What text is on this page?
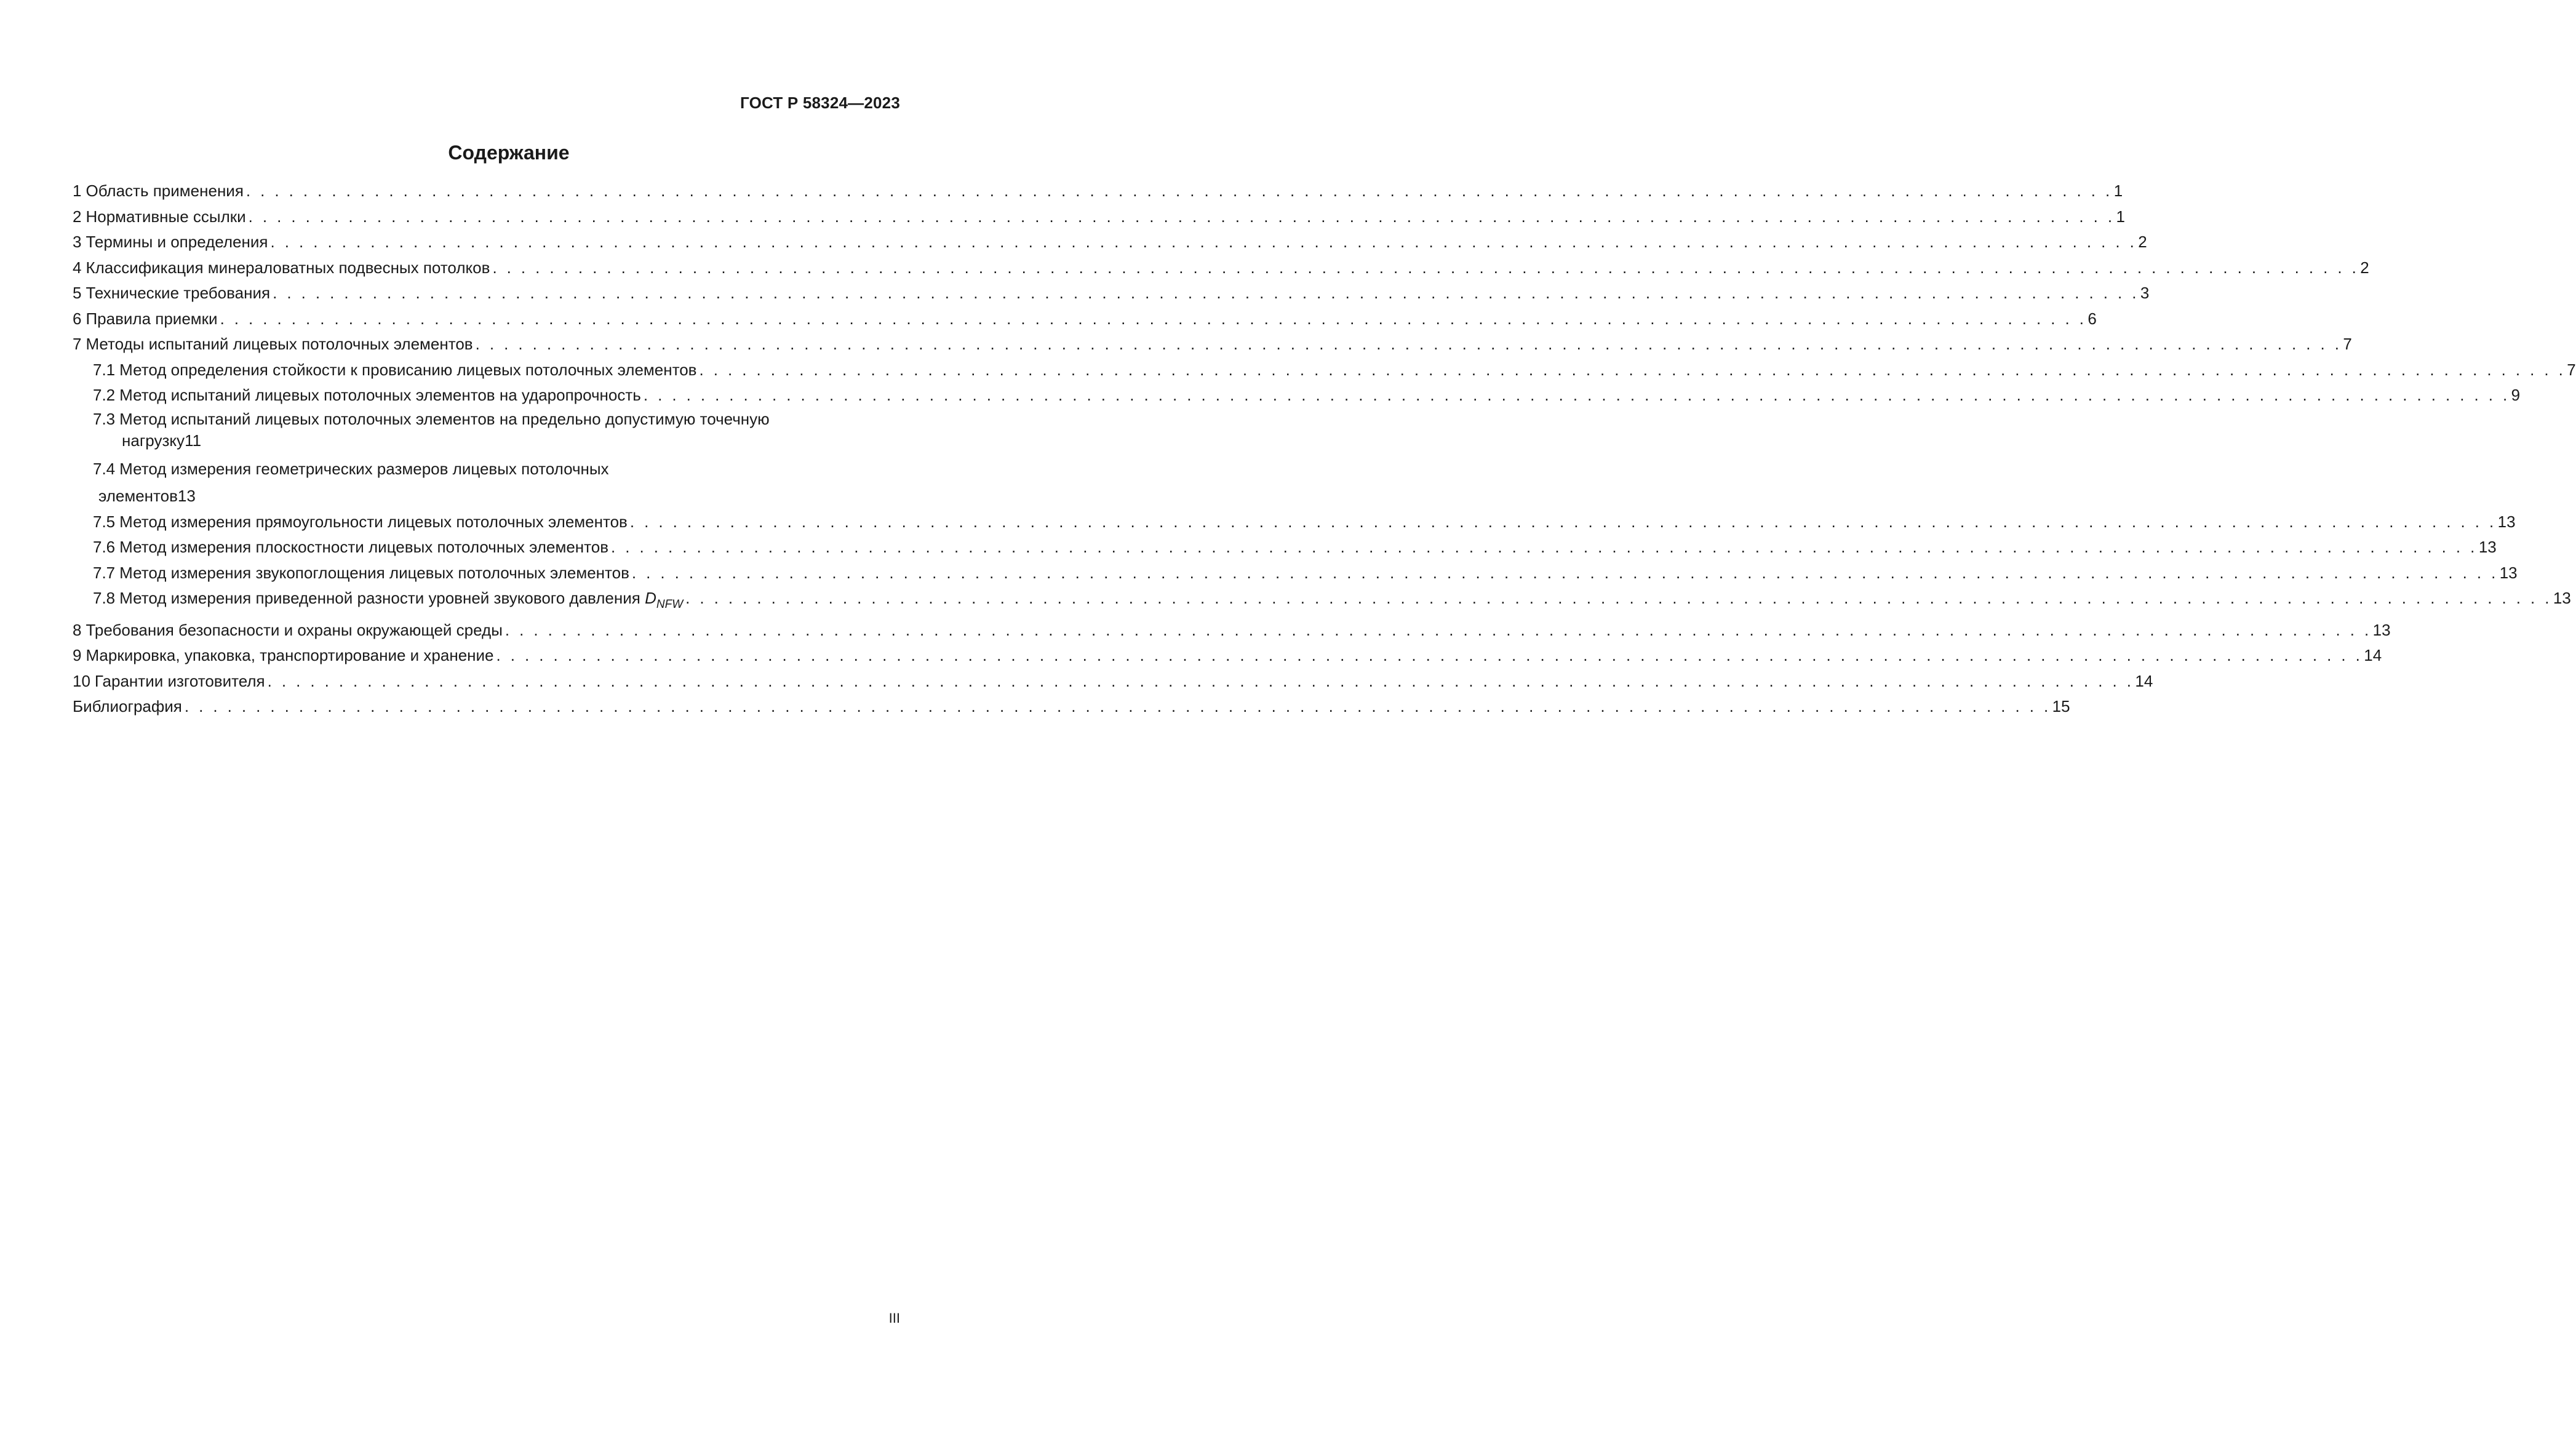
ГОСТ Р 58324—2023
Содержание
1 Область применения . . .	1
2 Нормативные ссылки . . .	1
3 Термины и определения . . .	2
4 Классификация минераловатных подвесных потолков . . .	2
5 Технические требования . . .	3
6 Правила приемки . . .	6
7 Методы испытаний лицевых потолочных элементов . . .	7
7.1 Метод определения стойкости к провисанию лицевых потолочных элементов . . .	7
7.2 Метод испытаний лицевых потолочных элементов на ударопрочность . . .	9
7.3 Метод испытаний лицевых потолочных элементов на предельно допустимую точечную
нагрузку 11
7.4 Метод измерения геометрических размеров лицевых потолочных
элементов 13
7.5 Метод измерения прямоугольности лицевых потолочных элементов . . .	13
7.6 Метод измерения плоскостности лицевых потолочных элементов . . .	13
7.7 Метод измерения звукопоглощения лицевых потолочных элементов . . .	13
7.8 Метод измерения приведенной разности уровней звукового давления $D_{NFW}$ . . .	13
8 Требования безопасности и охраны окружающей среды . . .	13
9 Маркировка, упаковка, транспортирование и хранение . . .	14
10 Гарантии изготовителя . . .	14
Библиография . . .	15
III
